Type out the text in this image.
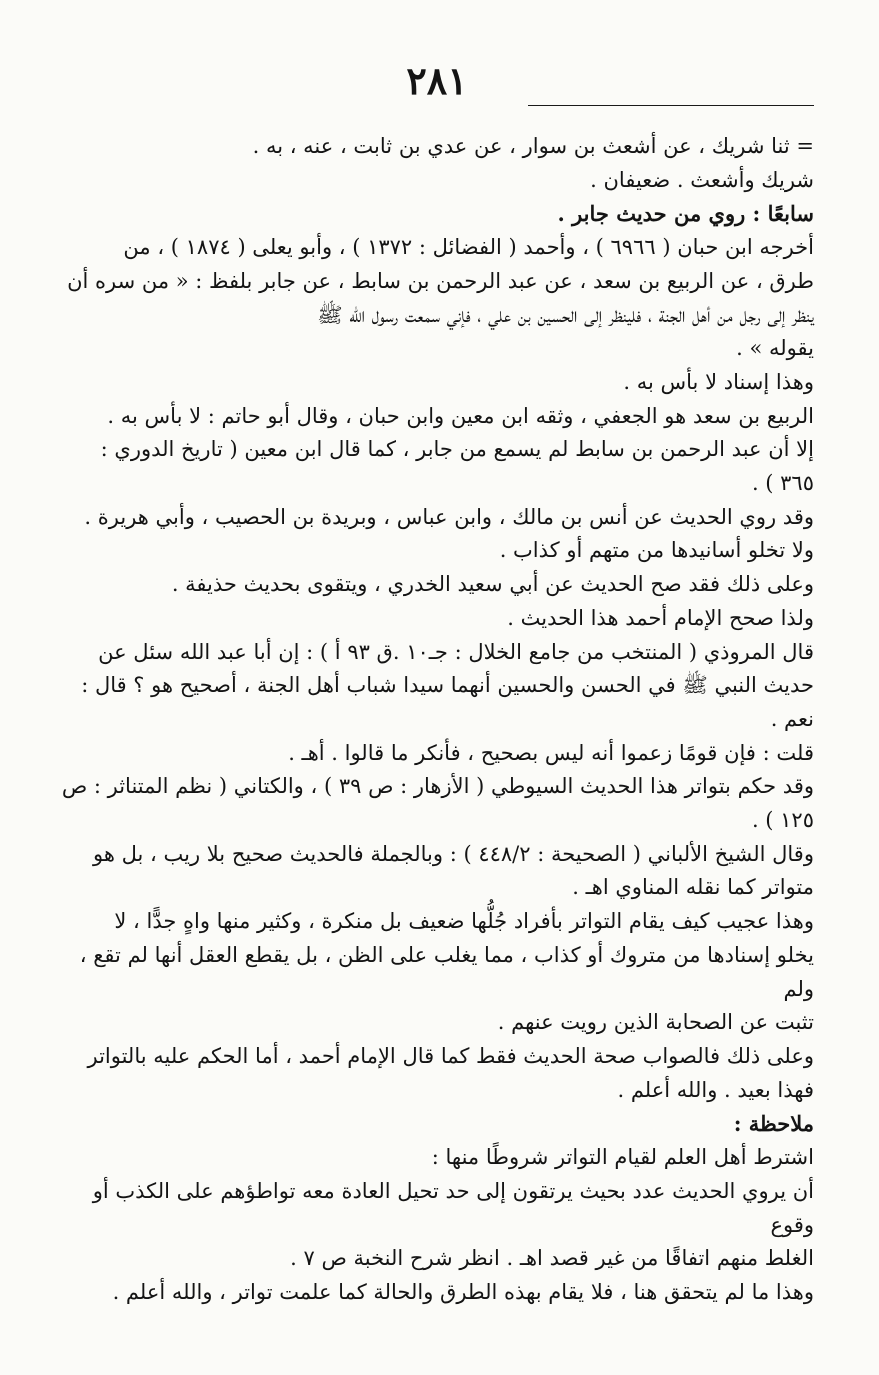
٢٨١

= ثنا شريك ، عن أشعث بن سوار ، عن عدي بن ثابت ، عنه ، به .

شريك وأشعث . ضعيفان .

سابعًا : روي من حديث جابر .

أخرجه ابن حبان ( ٦٩٦٦ ) ، وأحمد ( الفضائل : ١٣٧٢ ) ، وأبو يعلى ( ١٨٧٤ ) ، من

طرق ، عن الربيع بن سعد ، عن عبد الرحمن بن سابط ، عن جابر بلفظ : « من سره أن

ينظر إلى رجل من أهل الجنة ، فلينظر إلى الحسين بن علي ، فإني سمعت رسول الله ﷺ

يقوله » .

وهذا إسناد لا بأس به .

الربيع بن سعد هو الجعفي ، وثقه ابن معين وابن حبان ، وقال أبو حاتم : لا بأس به .

إلا أن عبد الرحمن بن سابط لم يسمع من جابر ، كما قال ابن معين ( تاريخ الدوري :

٣٦٥ ) .

وقد روي الحديث عن أنس بن مالك ، وابن عباس ، وبريدة بن الحصيب ، وأبي هريرة .

ولا تخلو أسانيدها من متهم أو كذاب .

وعلى ذلك فقد صح الحديث عن أبي سعيد الخدري ، ويتقوى بحديث حذيفة .

ولذا صحح الإمام أحمد هذا الحديث .

قال المروذي ( المنتخب من جامع الخلال : جـ١٠ .ق ٩٣ أ ) : إن أبا عبد الله سئل عن

حديث النبي ﷺ في الحسن والحسين أنهما سيدا شباب أهل الجنة ، أصحيح هو ؟ قال :

نعم .

قلت : فإن قومًا زعموا أنه ليس بصحيح ، فأنكر ما قالوا . أهـ .

وقد حكم بتواتر هذا الحديث السيوطي ( الأزهار : ص ٣٩ ) ، والكتاني ( نظم المتناثر : ص

١٢٥ ) .

وقال الشيخ الألباني ( الصحيحة : ٤٤٨/٢ ) : وبالجملة فالحديث صحيح بلا ريب ، بل هو

متواتر كما نقله المناوي اهـ .

وهذا عجيب كيف يقام التواتر بأفراد جُلُّها ضعيف بل منكرة ، وكثير منها واهٍ جدًّا ، لا

يخلو إسنادها من متروك أو كذاب ، مما يغلب على الظن ، بل يقطع العقل أنها لم تقع ، ولم

تثبت عن الصحابة الذين رويت عنهم .

وعلى ذلك فالصواب صحة الحديث فقط كما قال الإمام أحمد ، أما الحكم عليه بالتواتر

فهذا بعيد . والله أعلم .

ملاحظة :

اشترط أهل العلم لقيام التواتر شروطًا منها :

أن يروي الحديث عدد بحيث يرتقون إلى حد تحيل العادة معه تواطؤهم على الكذب أو وقوع

الغلط منهم اتفاقًا من غير قصد اهـ . انظر شرح النخبة ص ٧ .

وهذا ما لم يتحقق هنا ، فلا يقام بهذه الطرق والحالة كما علمت تواتر ، والله أعلم .
